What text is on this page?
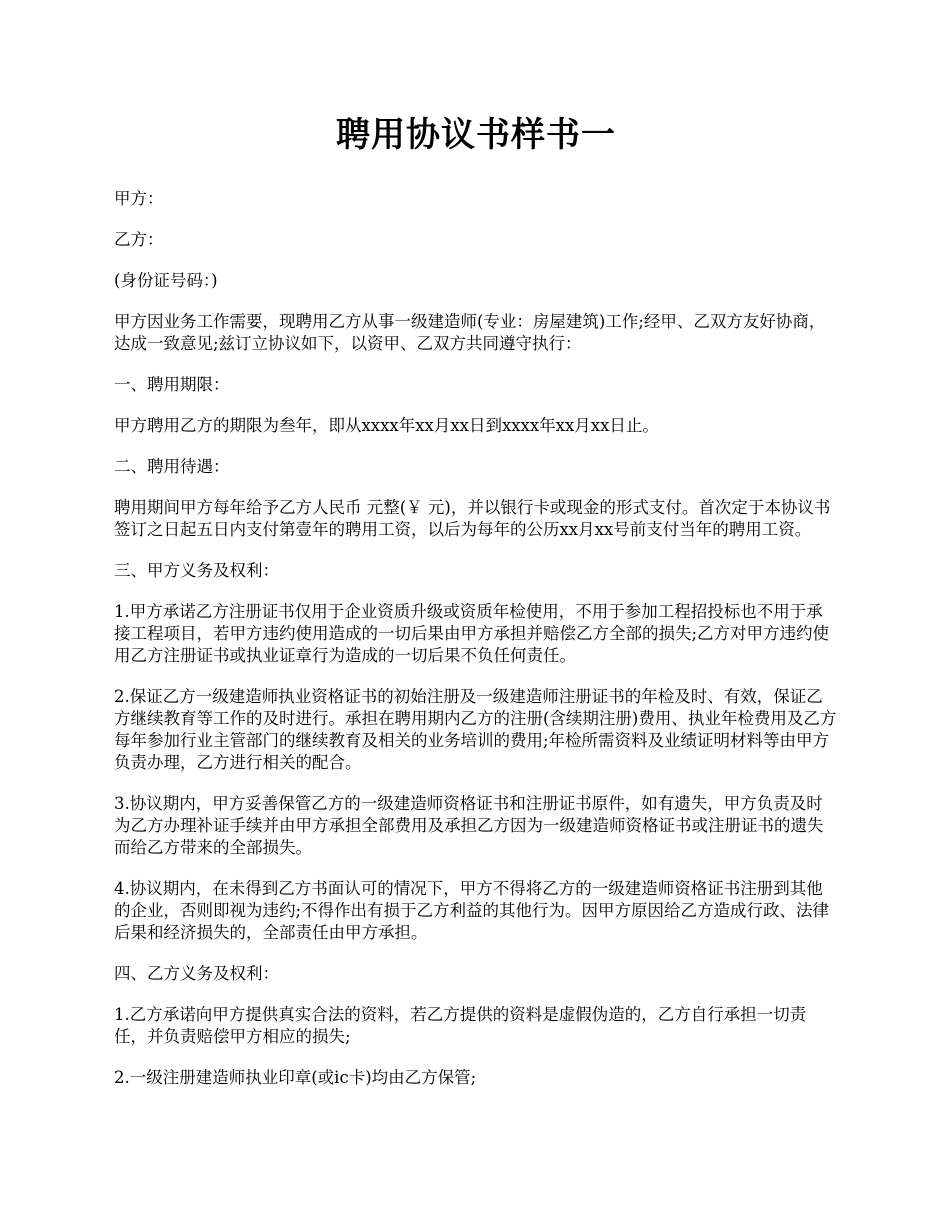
聘用协议书样书一

甲方：

乙方：

(身份证号码：)

甲方因业务工作需要，现聘用乙方从事一级建造师(专业：房屋建筑)工作;经甲、乙双方友好协商，达成一致意见;兹订立协议如下，以资甲、乙双方共同遵守执行：

一、聘用期限：

甲方聘用乙方的期限为叁年，即从xxxx年xx月xx日到xxxx年xx月xx日止。

二、聘用待遇：

聘用期间甲方每年给予乙方人民币 元整(￥ 元)，并以银行卡或现金的形式支付。首次定于本协议书签订之日起五日内支付第壹年的聘用工资，以后为每年的公历xx月xx号前支付当年的聘用工资。

三、甲方义务及权利：

1.甲方承诺乙方注册证书仅用于企业资质升级或资质年检使用，不用于参加工程招投标也不用于承接工程项目，若甲方违约使用造成的一切后果由甲方承担并赔偿乙方全部的损失;乙方对甲方违约使用乙方注册证书或执业证章行为造成的一切后果不负任何责任。

2.保证乙方一级建造师执业资格证书的初始注册及一级建造师注册证书的年检及时、有效，保证乙方继续教育等工作的及时进行。承担在聘用期内乙方的注册(含续期注册)费用、执业年检费用及乙方每年参加行业主管部门的继续教育及相关的业务培训的费用;年检所需资料及业绩证明材料等由甲方负责办理，乙方进行相关的配合。

3.协议期内，甲方妥善保管乙方的一级建造师资格证书和注册证书原件，如有遗失，甲方负责及时为乙方办理补证手续并由甲方承担全部费用及承担乙方因为一级建造师资格证书或注册证书的遗失而给乙方带来的全部损失。

4.协议期内，在未得到乙方书面认可的情况下，甲方不得将乙方的一级建造师资格证书注册到其他的企业，否则即视为违约;不得作出有损于乙方利益的其他行为。因甲方原因给乙方造成行政、法律后果和经济损失的，全部责任由甲方承担。

四、乙方义务及权利：

1.乙方承诺向甲方提供真实合法的资料，若乙方提供的资料是虚假伪造的，乙方自行承担一切责任，并负责赔偿甲方相应的损失;

2.一级注册建造师执业印章(或ic卡)均由乙方保管;
